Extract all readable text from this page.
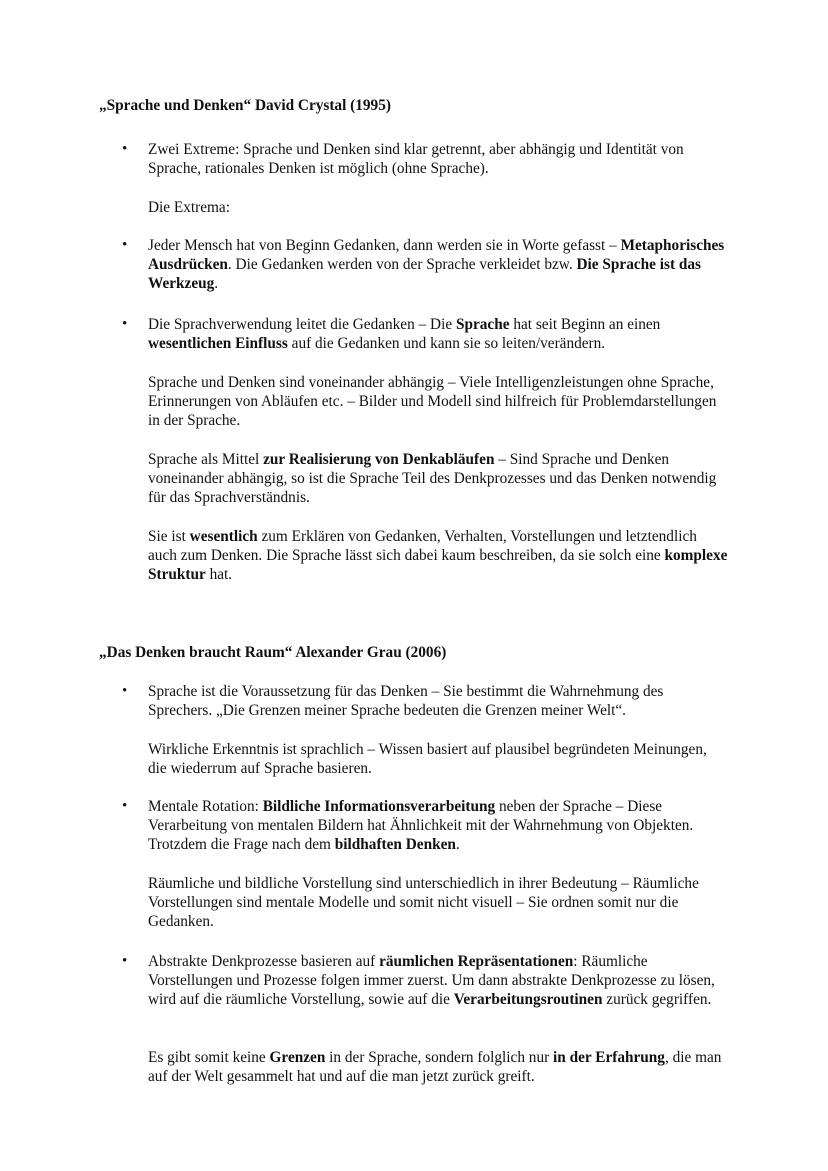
„Sprache und Denken“ David Crystal (1995)
•	Zwei Extreme: Sprache und Denken sind klar getrennt, aber abhängig und Identität von Sprache, rationales Denken ist möglich (ohne Sprache).

Die Extrema:

•	Jeder Mensch hat von Beginn Gedanken, dann werden sie in Worte gefasst – Metaphorisches Ausdrücken. Die Gedanken werden von der Sprache verkleidet bzw. Die Sprache ist das Werkzeug.

•	Die Sprachverwendung leitet die Gedanken – Die Sprache hat seit Beginn an einen wesentlichen Einfluss auf die Gedanken und kann sie so leiten/verändern.

Sprache und Denken sind voneinander abhängig – Viele Intelligenzleistungen ohne Sprache, Erinnerungen von Abläufen etc. – Bilder und Modell sind hilfreich für Problemdarstellungen in der Sprache.

Sprache als Mittel zur Realisierung von Denkabläufen – Sind Sprache und Denken voneinander abhängig, so ist die Sprache Teil des Denkprozesses und das Denken notwendig für das Sprachverständnis.

Sie ist wesentlich zum Erklären von Gedanken, Verhalten, Vorstellungen und letztendlich auch zum Denken. Die Sprache lässt sich dabei kaum beschreiben, da sie solch eine komplexe Struktur hat.

„Das Denken braucht Raum“ Alexander Grau (2006)
•	Sprache ist die Voraussetzung für das Denken – Sie bestimmt die Wahrnehmung des Sprechers. „Die Grenzen meiner Sprache bedeuten die Grenzen meiner Welt“.

Wirkliche Erkenntnis ist sprachlich – Wissen basiert auf plausibel begründeten Meinungen, die wiederrum auf Sprache basieren.

•	Mentale Rotation: Bildliche Informationsverarbeitung neben der Sprache – Diese Verarbeitung von mentalen Bildern hat Ähnlichkeit mit der Wahrnehmung von Objekten. Trotzdem die Frage nach dem bildhaften Denken.

Räumliche und bildliche Vorstellung sind unterschiedlich in ihrer Bedeutung – Räumliche Vorstellungen sind mentale Modelle und somit nicht visuell – Sie ordnen somit nur die Gedanken.

•	Abstrakte Denkprozesse basieren auf räumlichen Repräsentationen: Räumliche Vorstellungen und Prozesse folgen immer zuerst. Um dann abstrakte Denkprozesse zu lösen, wird auf die räumliche Vorstellung, sowie auf die Verarbeitungsroutinen zurück gegriffen.

Es gibt somit keine Grenzen in der Sprache, sondern folglich nur in der Erfahrung, die man auf der Welt gesammelt hat und auf die man jetzt zurück greift.
